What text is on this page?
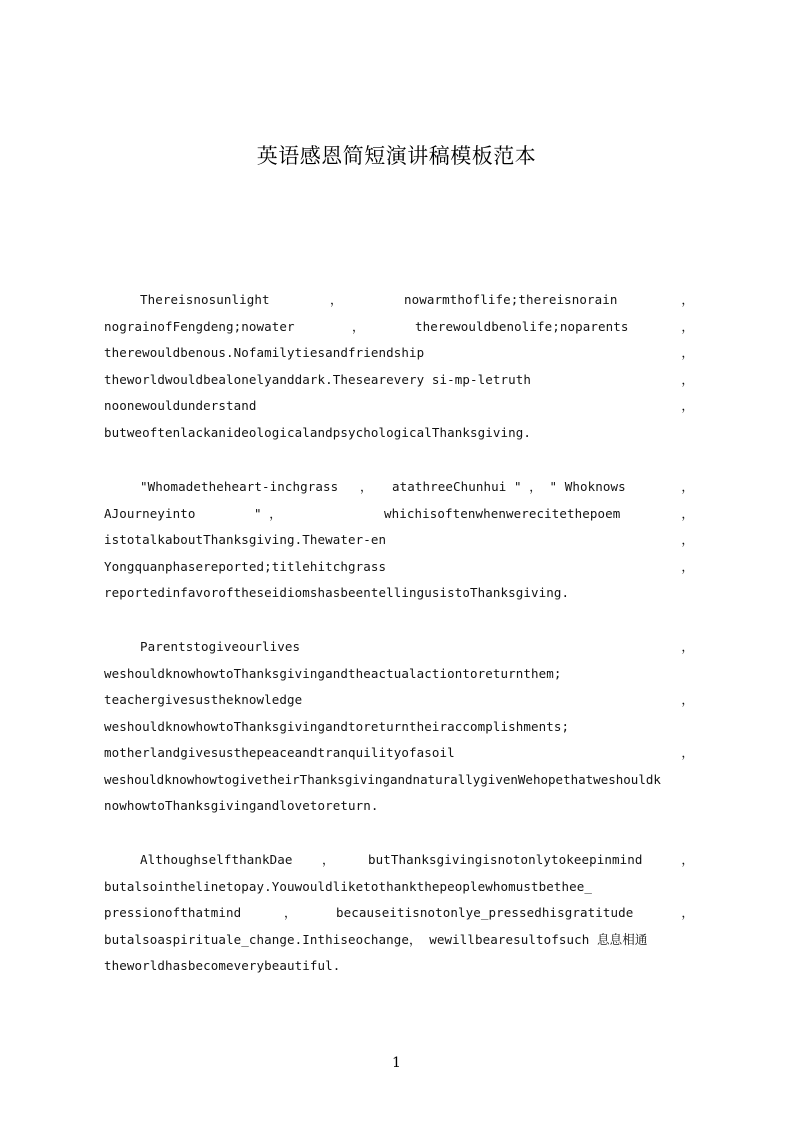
英语感恩简短演讲稿模板范本
Thereisnosunlight	，	nowarmthoflife;thereisnorain	，
nograinofFengdeng;nowater	，	therewouldbenolife;noparents	，
therewouldbenous.Nofamilytiesandfriendship	，
theworldwouldbealonelyanddark.Thesearevery si-mp-letruth	，
noonewouldunderstand	，
butweoftenlackanideologicalandpsychologicalThanksgiving.
"Whomadetheheart-inchgrass ， atathreeChunhui " ， " Whoknows	，
AJourneyinto	" ，	whichisoftenwhenwerecitethepoem	，
istotalkaboutThanksgiving.Thewater-en	，
Yongquanphasereported;titlehitchgrass	，
reportedinfavoroftheseidiomshasbeentellingusistoThanksgiving.
Parentstogiveourlives	，
weshouldknowhowtoThanksgivingandtheactualactiontoreturnthem;
teachergivesustheknowledge	，
weshouldknowhowtoThanksgivingandtoreturntheiraccomplishments;
motherlandgivesusthepeaceandtranquilityofasoil	，
weshouldknowhowtogivetheirThanksgivingandnaturallygivenWehopethatweshouldk
nowhowtoThanksgivingandlovetoreturn.
AlthoughselfthankDae ，	butThanksgivingisnotonlytokeepinmind	，
butalsointhelinetopay.Youwouldliketothankthepeoplewhomustbethee_
pressionofthatmind	，	becauseitisnotonlye_pressedhisgratitude	，
butalsoaspirituale_change.Inthiseochange， wewillbearesultofsuch 息息相通
theworldhasbecomeverybeautiful.
1
